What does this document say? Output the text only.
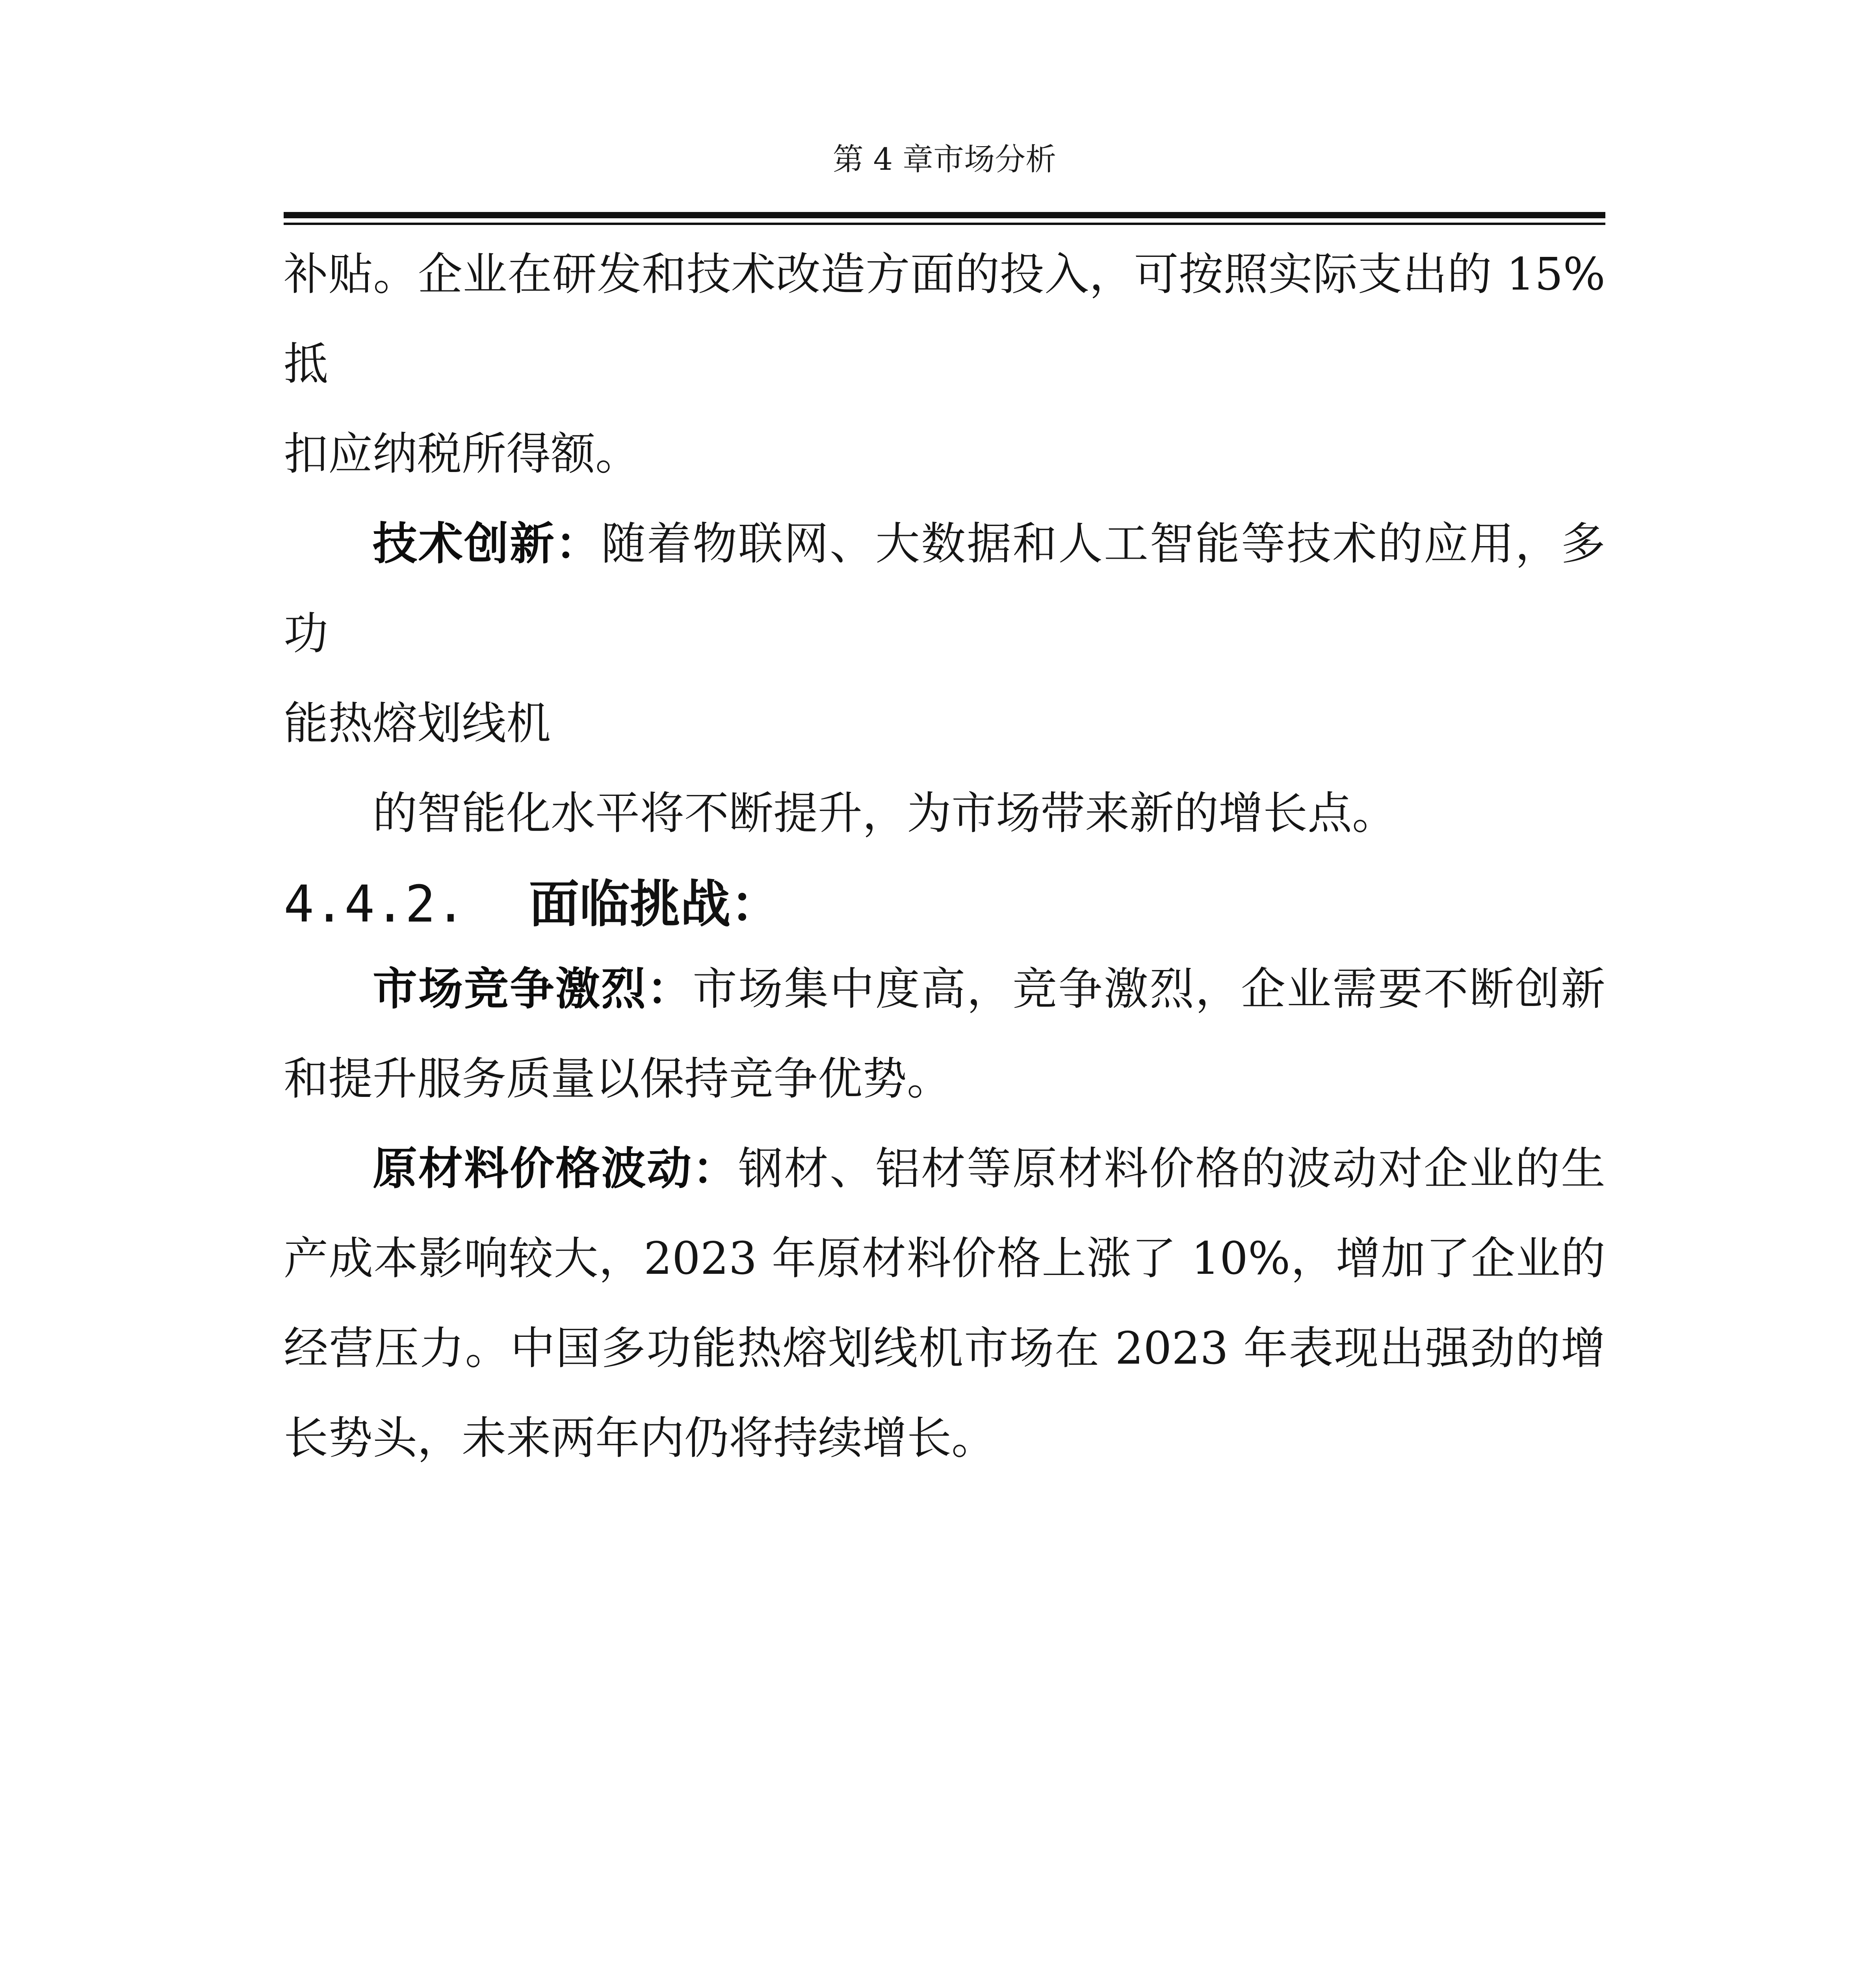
第 4 章市场分析

补贴。企业在研发和技术改造方面的投入，可按照实际支出的 15%抵
扣应纳税所得额。

技术创新：随着物联网、大数据和人工智能等技术的应用，多功
能热熔划线机

的智能化水平将不断提升，为市场带来新的增长点。

4.4.2. 面临挑战：

市场竞争激烈：市场集中度高，竞争激烈，企业需要不断创新和提升服务质量以保持竞争优势。

原材料价格波动：钢材、铝材等原材料价格的波动对企业的生产成本影响较大，2023 年原材料价格上涨了 10%，增加了企业的经营压力。中国多功能热熔划线机市场在 2023 年表现出强劲的增长势头，未来两年内仍将持续增长。
